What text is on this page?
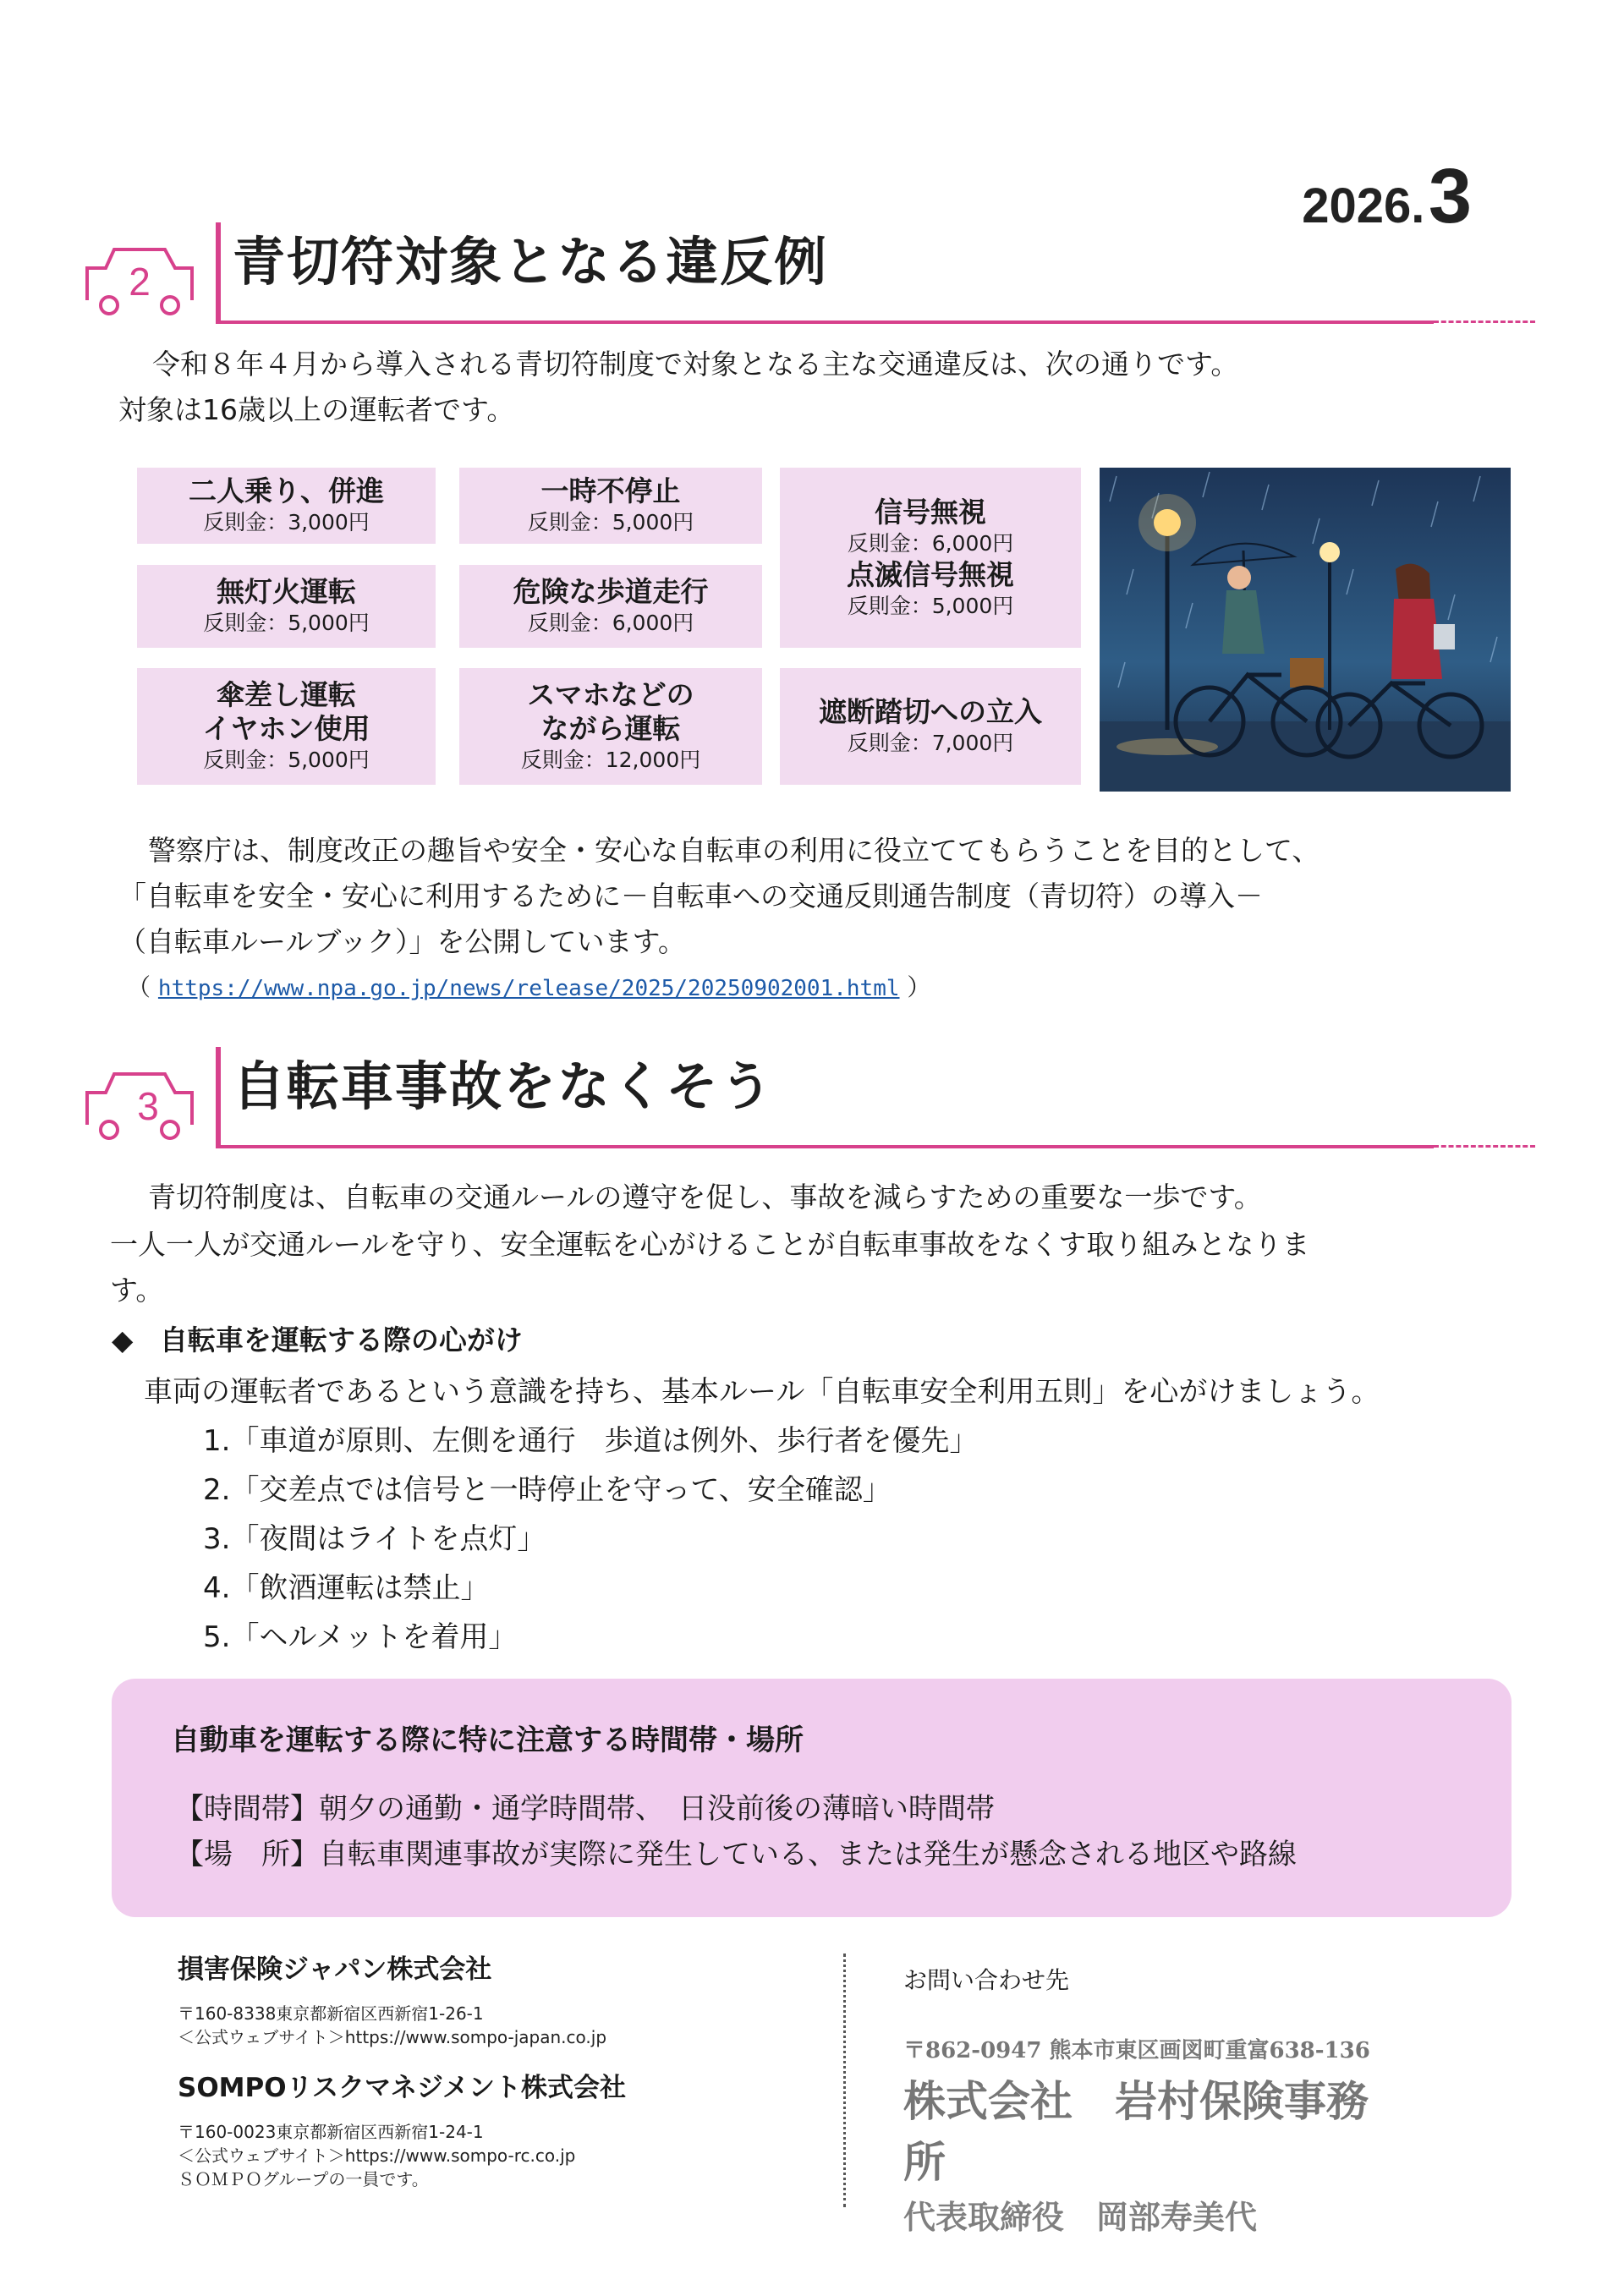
2026. 3
2 青切符対象となる違反例
令和８年４月から導入される青切符制度で対象となる主な交通違反は、次の通りです。
対象は16歳以上の運転者です。
二人乗り、併進
反則金：3,000円
一時不停止
反則金：5,000円	信号無視
反則金：6,000円
点滅信号無視
反則金：5,000円
無灯火運転
反則金：5,000円
危険な歩道走行
反則金：6,000円
傘差し運転
イヤホン使用
反則金：5,000円
スマホなどの
ながら運転
反則金：12,000円
遮断踏切への立入
反則金：7,000円
警察庁は、制度改正の趣旨や安全・安心な自転車の利用に役立ててもらうことを目的として、
「自転車を安全・安心に利用するために－自転車への交通反則通告制度（青切符）の導入－
（自転車ルールブック）」を公開しています。
（ https://www.npa.go.jp/news/release/2025/20250902001.html ）
3 自転車事故をなくそう
青切符制度は、自転車の交通ルールの遵守を促し、事故を減らすための重要な一歩です。
一人一人が交通ルールを守り、安全運転を心がけることが自転車事故をなくす取り組みとなりま
す。
◆ 自転車を運転する際の心がけ
車両の運転者であるという意識を持ち、基本ルール「自転車安全利用五則」を心がけましょう。
1.「車道が原則、左側を通行　歩道は例外、歩行者を優先」
2.「交差点では信号と一時停止を守って、安全確認」
3.「夜間はライトを点灯」
4.「飲酒運転は禁止」
5.「ヘルメットを着用」
自動車を運転する際に特に注意する時間帯・場所
【時間帯】朝夕の通勤・通学時間帯、　日没前後の薄暗い時間帯
【場　所】自転車関連事故が実際に発生している、または発生が懸念される地区や路線
損害保険ジャパン株式会社
〒160-8338東京都新宿区西新宿1-26-1
＜公式ウェブサイト＞https://www.sompo-japan.co.jp
SOMPOリスクマネジメント株式会社
〒160-0023東京都新宿区西新宿1-24-1
＜公式ウェブサイト＞https://www.sompo-rc.co.jp
ＳＯＭＰＯグループの一員です。
お問い合わせ先
〒862-0947 熊本市東区画図町重富638-136
株式会社　岩村保険事務所
代表取締役　岡部寿美代
